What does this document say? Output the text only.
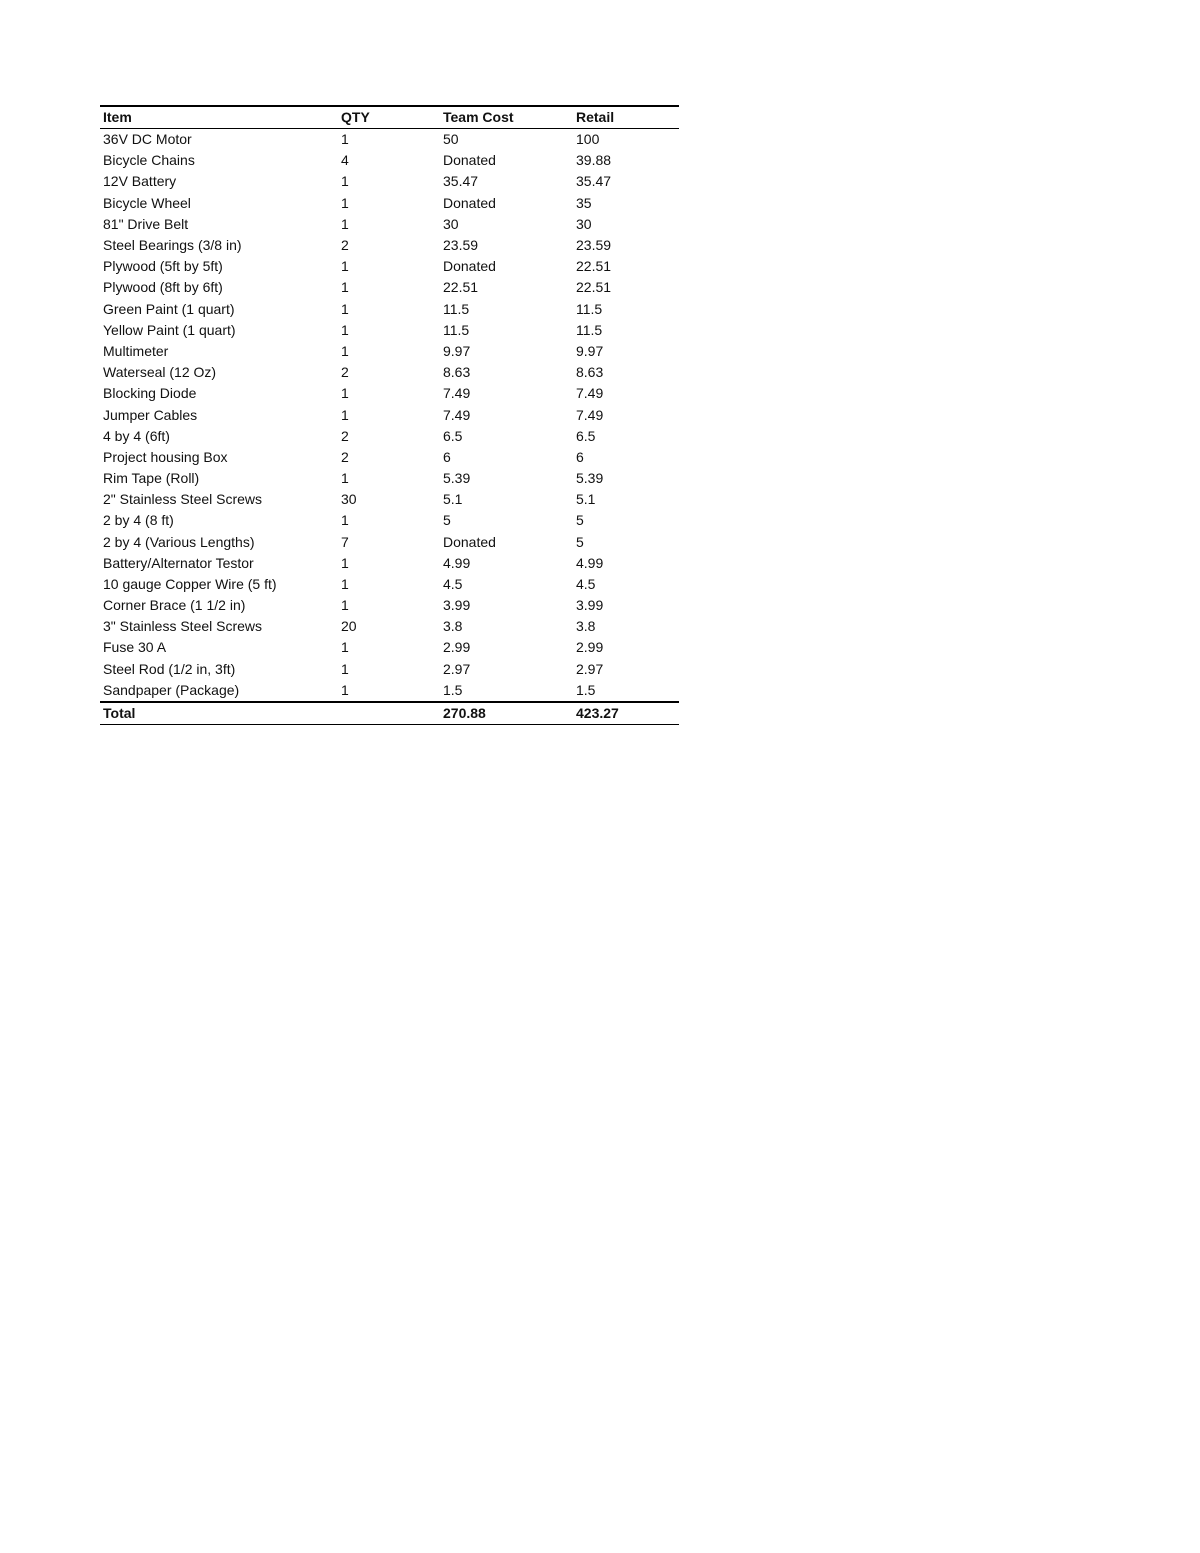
Item	QTY	Team Cost	Retail
36V DC Motor	1	50	100
Bicycle Chains	4	Donated	39.88
12V Battery	1	35.47	35.47
Bicycle Wheel	1	Donated	35
81" Drive Belt	1	30	30
Steel Bearings (3/8 in)	2	23.59	23.59
Plywood (5ft by 5ft)	1	Donated	22.51
Plywood (8ft by 6ft)	1	22.51	22.51
Green Paint (1 quart)	1	11.5	11.5
Yellow Paint (1 quart)	1	11.5	11.5
Multimeter	1	9.97	9.97
Waterseal (12 Oz)	2	8.63	8.63
Blocking Diode	1	7.49	7.49
Jumper Cables	1	7.49	7.49
4 by 4 (6ft)	2	6.5	6.5
Project housing Box	2	6	6
Rim Tape (Roll)	1	5.39	5.39
2" Stainless Steel Screws	30	5.1	5.1
2 by 4 (8 ft)	1	5	5
2 by 4 (Various Lengths)	7	Donated	5
Battery/Alternator Testor	1	4.99	4.99
10 gauge Copper Wire (5 ft)	1	4.5	4.5
Corner Brace (1 1/2 in)	1	3.99	3.99
3" Stainless Steel Screws	20	3.8	3.8
Fuse 30 A	1	2.99	2.99
Steel Rod (1/2 in, 3ft)	1	2.97	2.97
Sandpaper (Package)	1	1.5	1.5
Total		270.88	423.27
